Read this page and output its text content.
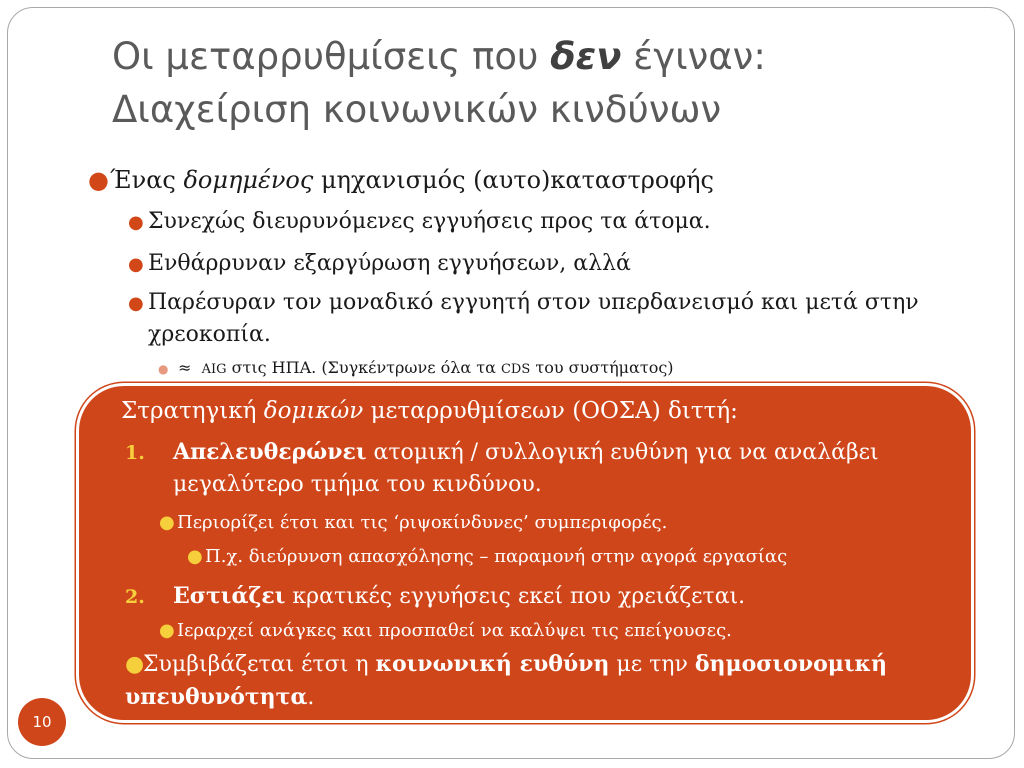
Οι μεταρρυθμίσεις που δεν έγιναν:
Διαχείριση κοινωνικών κινδύνων
●Ένας δομημένος μηχανισμός (αυτο)καταστροφής
● Συνεχώς διευρυνόμενες εγγυήσεις προς τα άτομα.
● Ενθάρρυναν εξαργύρωση εγγυήσεων, αλλά
● Παρέσυραν τον μοναδικό εγγυητή στον υπερδανεισμό και μετά στην χρεοκοπία.
● ≈ AIG στις ΗΠΑ. (Συγκέντρωνε όλα τα CDS του συστήματος)
Στρατηγική δομικών μεταρρυθμίσεων (ΟΟΣΑ) διττή:
1. Απελευθερώνει ατομική / συλλογική ευθύνη για να αναλάβει μεγαλύτερο τμήμα του κινδύνου.
● Περιορίζει έτσι και τις ‘ριψοκίνδυνες’ συμπεριφορές.
● Π.χ. διεύρυνση απασχόλησης – παραμονή στην αγορά εργασίας
2. Εστιάζει κρατικές εγγυήσεις εκεί που χρειάζεται.
● Ιεραρχεί ανάγκες και προσπαθεί να καλύψει τις επείγουσες.
●Συμβιβάζεται έτσι η κοινωνική ευθύνη με την δημοσιονομική υπευθυνότητα.
10
